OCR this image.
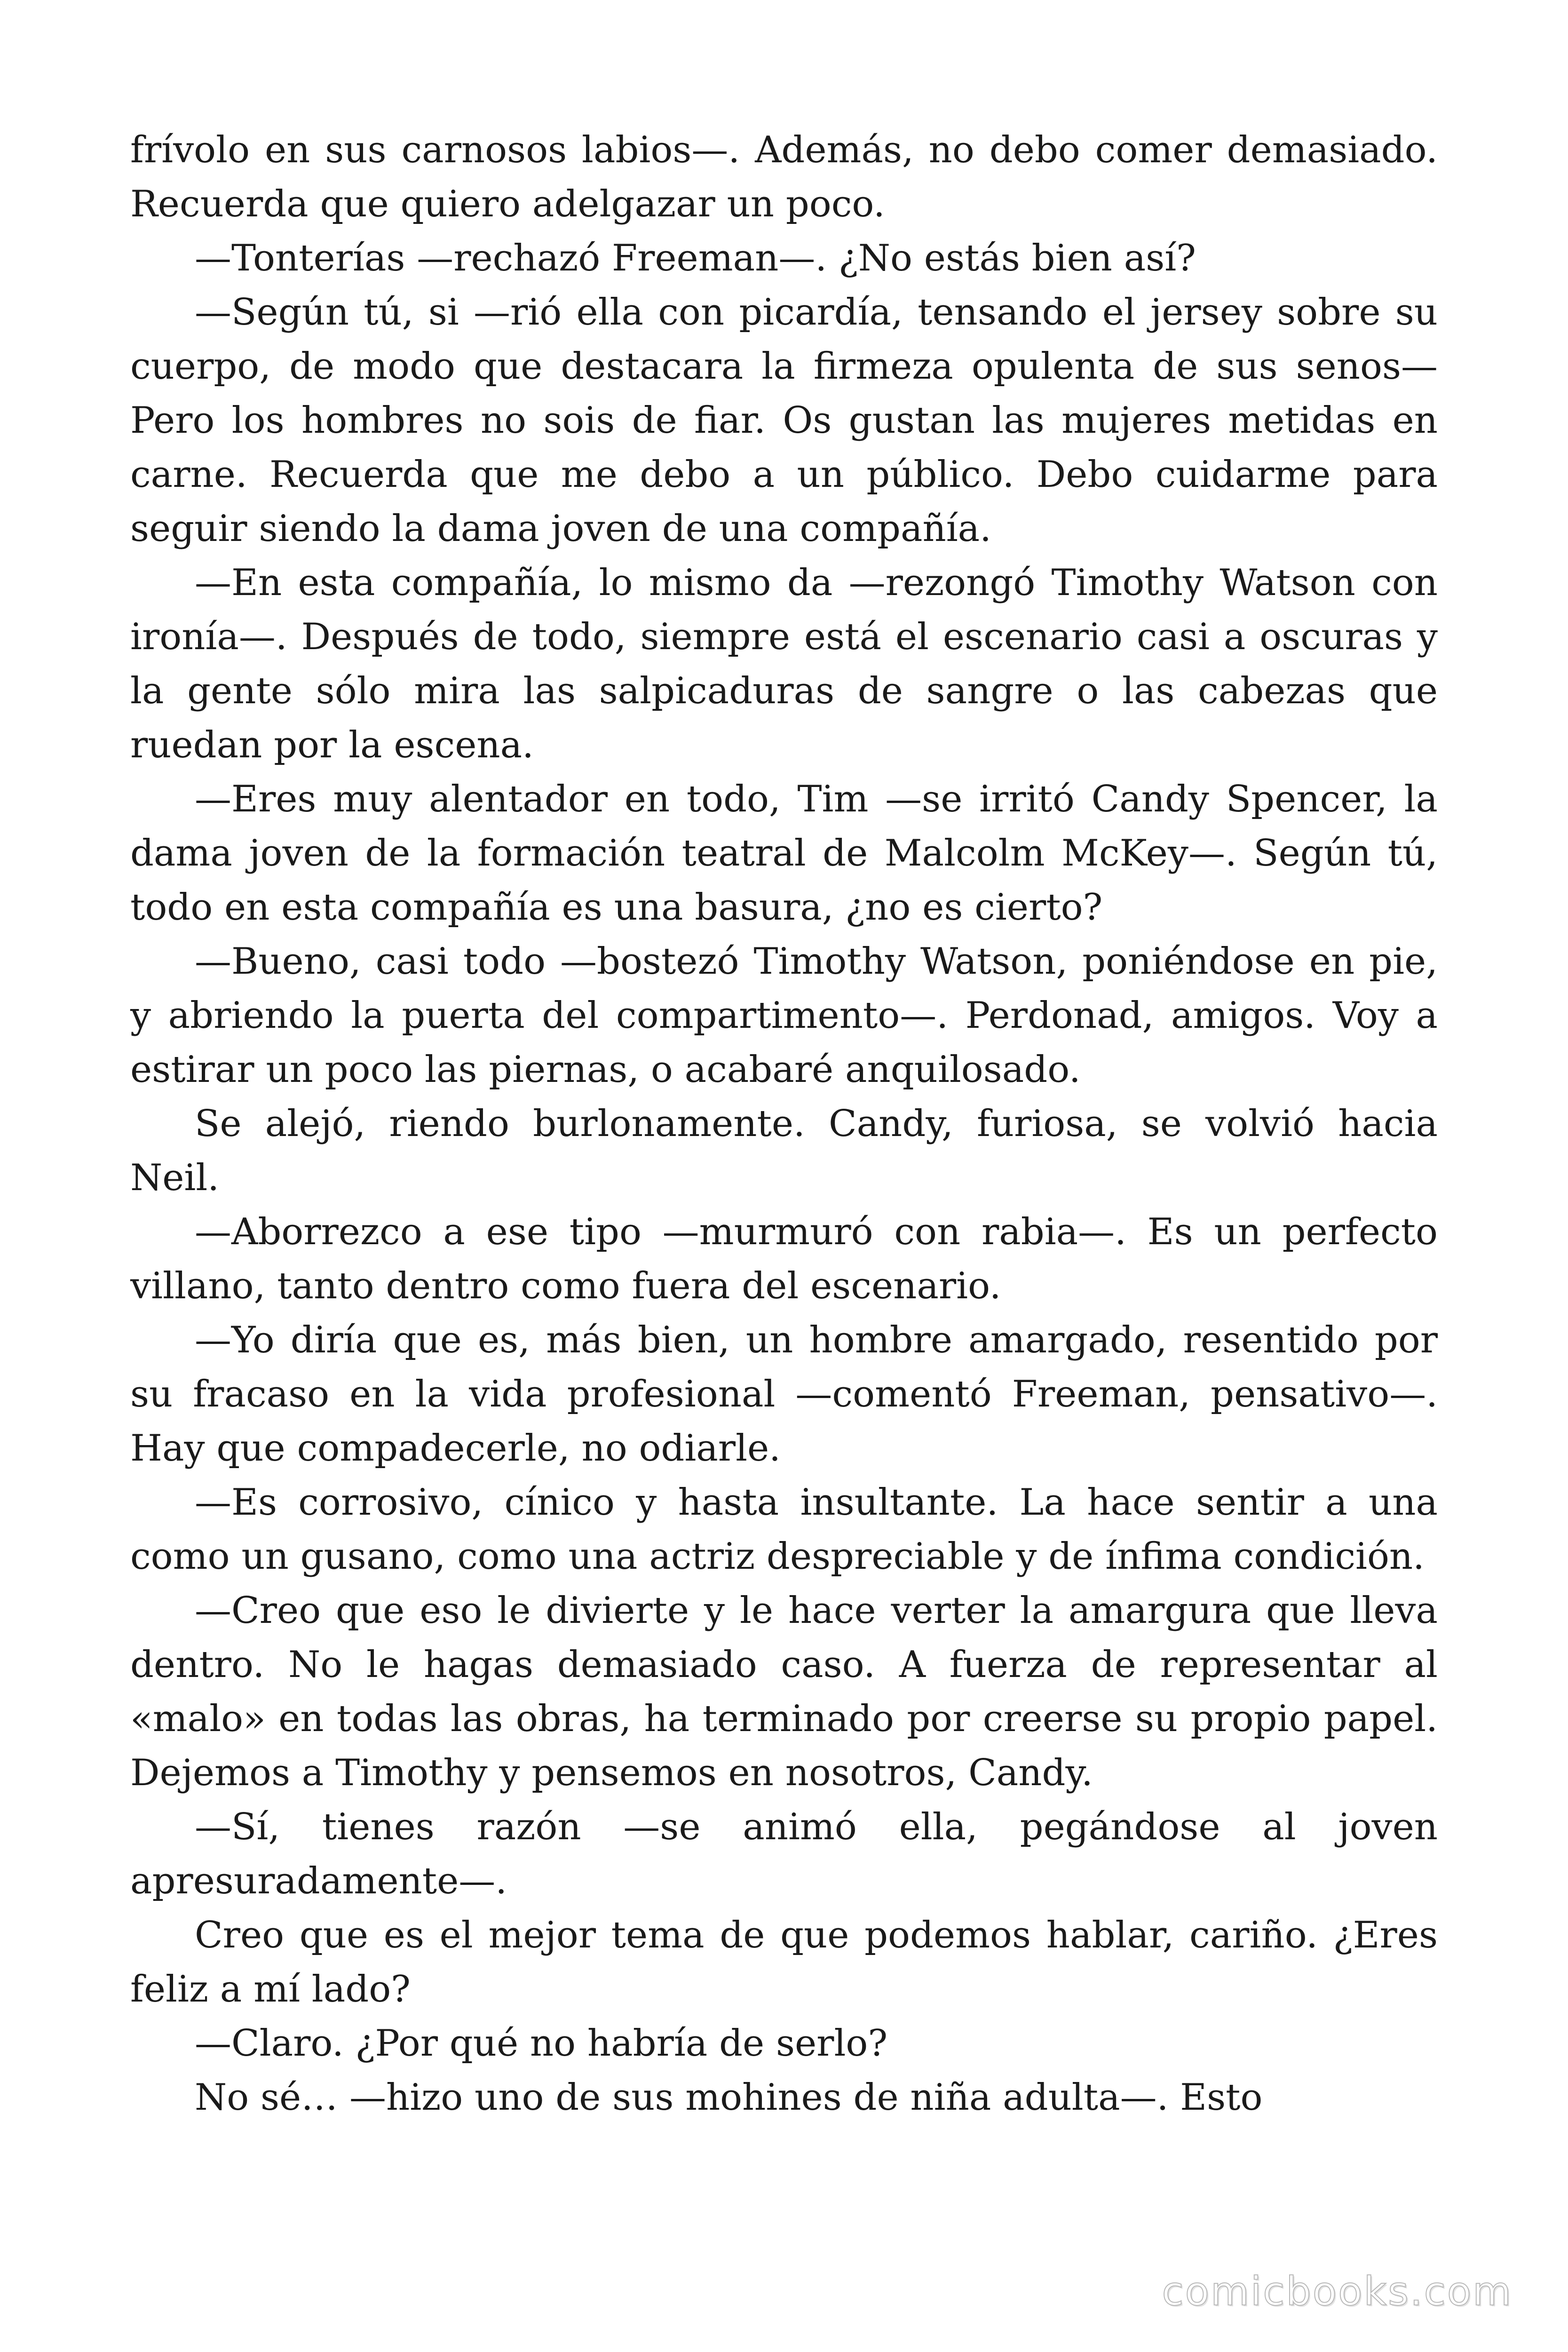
frívolo en sus carnosos labios—. Además, no debo comer demasiado. Recuerda que quiero adelgazar un poco.

—Tonterías —rechazó Freeman—. ¿No estás bien así?

—Según tú, si —rió ella con picardía, tensando el jersey sobre su cuerpo, de modo que destacara la firmeza opulenta de sus senos— Pero los hombres no sois de fiar. Os gustan las mujeres metidas en carne. Recuerda que me debo a un público. Debo cuidarme para seguir siendo la dama joven de una compañía.

—En esta compañía, lo mismo da —rezongó Timothy Watson con ironía—. Después de todo, siempre está el escenario casi a oscuras y la gente sólo mira las salpicaduras de sangre o las cabezas que ruedan por la escena.

—Eres muy alentador en todo, Tim —se irritó Candy Spencer, la dama joven de la formación teatral de Malcolm McKey—. Según tú, todo en esta compañía es una basura, ¿no es cierto?

—Bueno, casi todo —bostezó Timothy Watson, poniéndose en pie, y abriendo la puerta del compartimento—. Perdonad, amigos. Voy a estirar un poco las piernas, o acabaré anquilosado.

Se alejó, riendo burlonamente. Candy, furiosa, se volvió hacia Neil.

—Aborrezco a ese tipo —murmuró con rabia—. Es un perfecto villano, tanto dentro como fuera del escenario.

—Yo diría que es, más bien, un hombre amargado, resentido por su fracaso en la vida profesional —comentó Freeman, pensativo—. Hay que compadecerle, no odiarle.

—Es corrosivo, cínico y hasta insultante. La hace sentir a una como un gusano, como una actriz despreciable y de ínfima condición.

—Creo que eso le divierte y le hace verter la amargura que lleva dentro. No le hagas demasiado caso. A fuerza de representar al «malo» en todas las obras, ha terminado por creerse su propio papel. Dejemos a Timothy y pensemos en nosotros, Candy.

—Sí, tienes razón —se animó ella, pegándose al joven apresuradamente—.

Creo que es el mejor tema de que podemos hablar, cariño. ¿Eres feliz a mí lado?

—Claro. ¿Por qué no habría de serlo?

No sé… —hizo uno de sus mohines de niña adulta—. Esto

comicbooks.com
